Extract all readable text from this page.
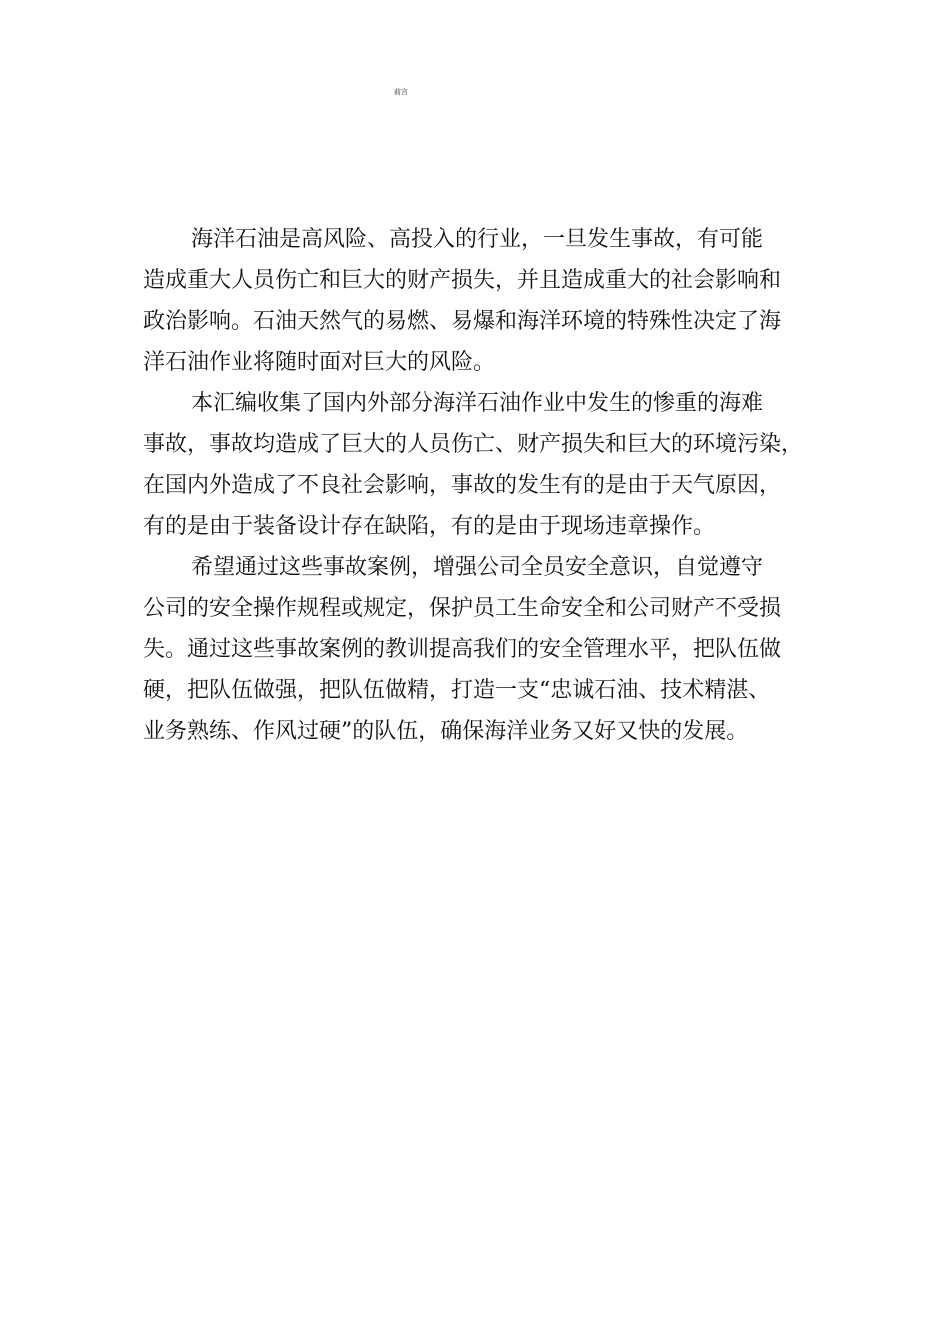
前言
海洋石油是高风险、高投入的行业，一旦发生事故，有可能
造成重大人员伤亡和巨大的财产损失，并且造成重大的社会影响和
政治影响。石油天然气的易燃、易爆和海洋环境的特殊性决定了海
洋石油作业将随时面对巨大的风险。
本汇编收集了国内外部分海洋石油作业中发生的惨重的海难
事故，事故均造成了巨大的人员伤亡、财产损失和巨大的环境污染，
在国内外造成了不良社会影响，事故的发生有的是由于天气原因，
有的是由于装备设计存在缺陷，有的是由于现场违章操作。
希望通过这些事故案例，增强公司全员安全意识，自觉遵守
公司的安全操作规程或规定，保护员工生命安全和公司财产不受损
失。通过这些事故案例的教训提高我们的安全管理水平，把队伍做
硬，把队伍做强，把队伍做精，打造一支“忠诚石油、技术精湛、
业务熟练、作风过硬”的队伍，确保海洋业务又好又快的发展。
